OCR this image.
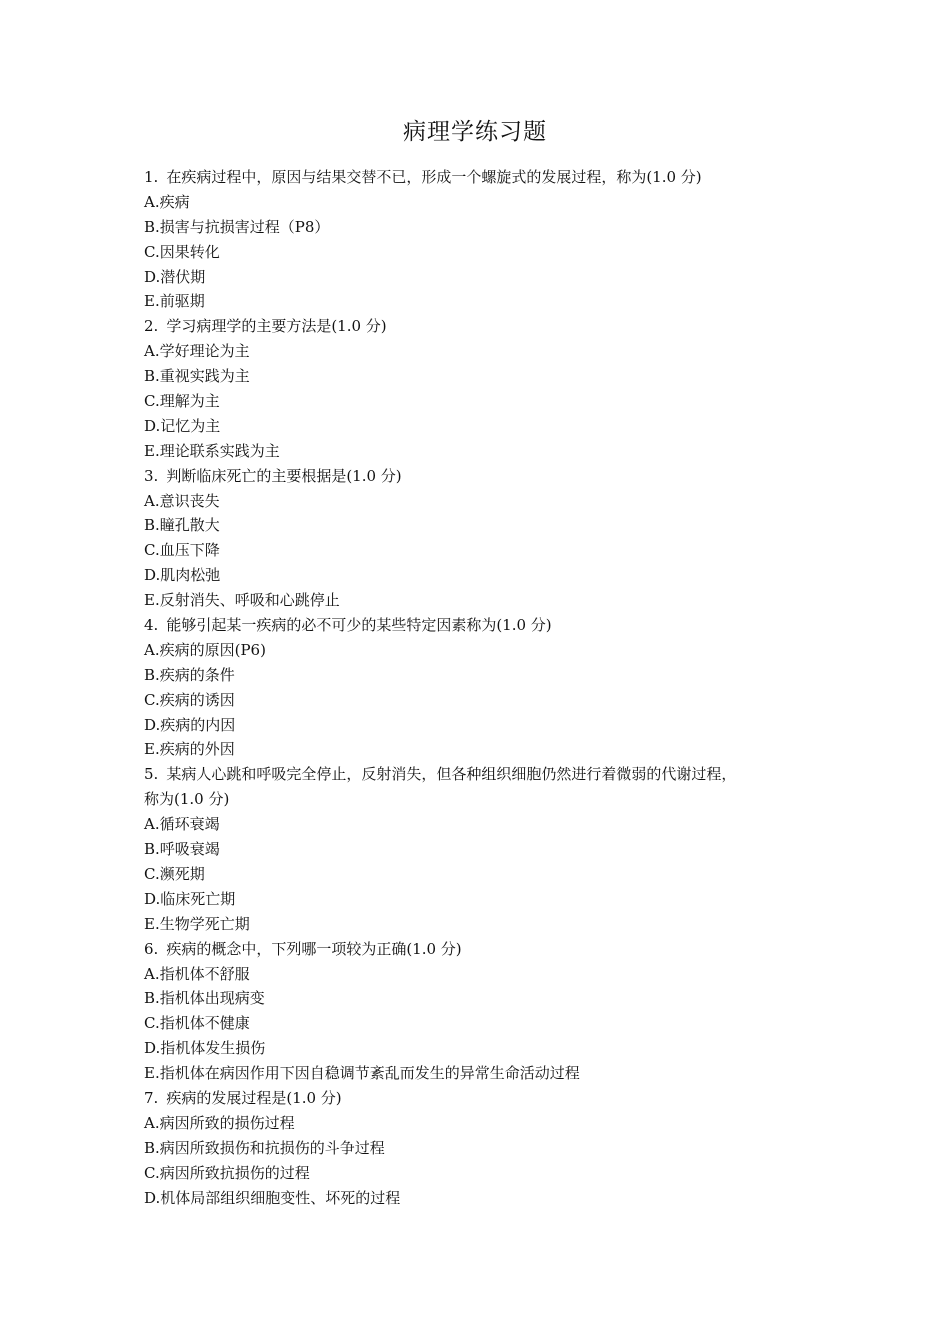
病理学练习题
1. 在疾病过程中，原因与结果交替不已，形成一个螺旋式的发展过程，称为(1.0 分)
A.疾病
B.损害与抗损害过程（P8）
C.因果转化
D.潜伏期
E.前驱期
2. 学习病理学的主要方法是(1.0 分)
A.学好理论为主
B.重视实践为主
C.理解为主
D.记忆为主
E.理论联系实践为主
3. 判断临床死亡的主要根据是(1.0 分)
A.意识丧失
B.瞳孔散大
C.血压下降
D.肌肉松弛
E.反射消失、呼吸和心跳停止
4. 能够引起某一疾病的必不可少的某些特定因素称为(1.0 分)
A.疾病的原因(P6)
B.疾病的条件
C.疾病的诱因
D.疾病的内因
E.疾病的外因
5. 某病人心跳和呼吸完全停止，反射消失，但各种组织细胞仍然进行着微弱的代谢过程，
称为(1.0 分)
A.循环衰竭
B.呼吸衰竭
C.濒死期
D.临床死亡期
E.生物学死亡期
6. 疾病的概念中，下列哪一项较为正确(1.0 分)
A.指机体不舒服
B.指机体出现病变
C.指机体不健康
D.指机体发生损伤
E.指机体在病因作用下因自稳调节紊乱而发生的异常生命活动过程
7. 疾病的发展过程是(1.0 分)
A.病因所致的损伤过程
B.病因所致损伤和抗损伤的斗争过程
C.病因所致抗损伤的过程
D.机体局部组织细胞变性、坏死的过程
